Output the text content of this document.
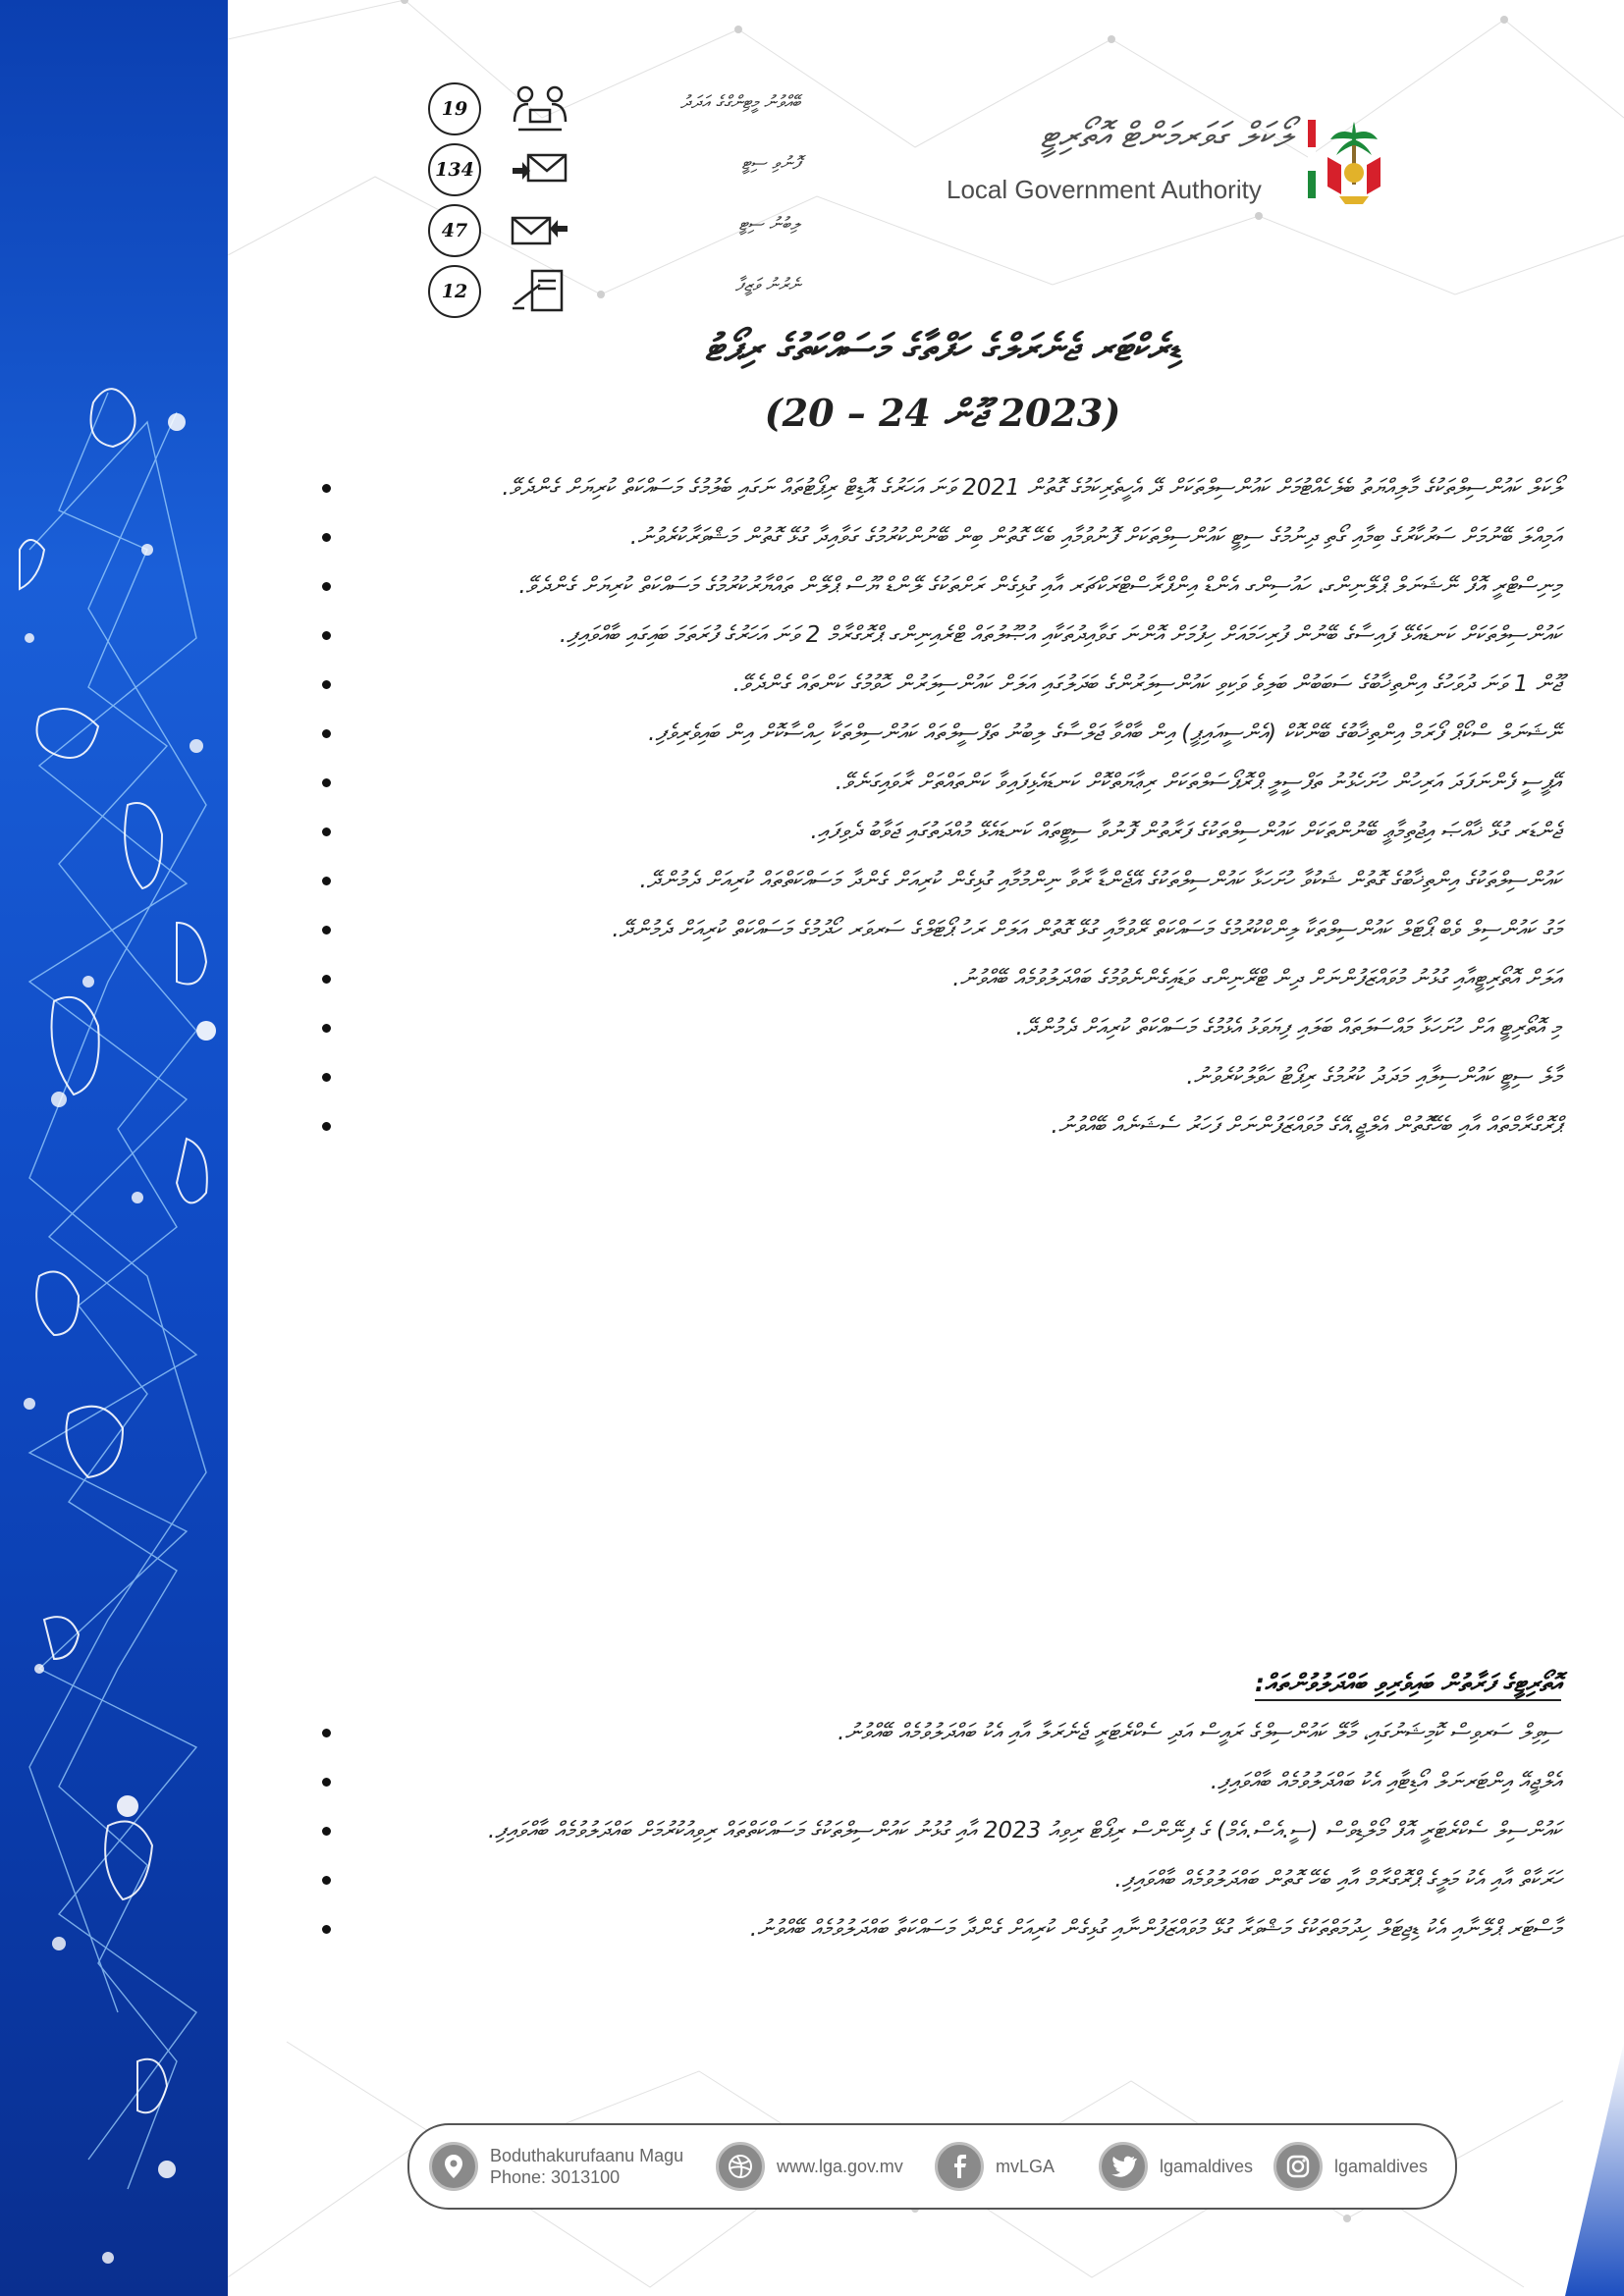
19	ބޭއްވުނު މީޓިންގްގެ އަދަދު
134	ފޮނުވި ސިޓީ
47	ލިބުނު ސިޓީ
12	ނެރުނު ވަޒީފާ
ލޯކަލް ގަވަރމަންޓް އޮތޯރިޓީ
Local Government Authority
ޑިރެކްޓަރ ޖެނެރަލްގެ ހަފްތާގެ މަސައްކަތުގެ ރިޕޯޓު
(2023 ޖޫން 24 – 20)
ލޯކަލް ކައުންސިލްތަކުގެ މާލިއްޔަތު ބެލެހެއްޓުމަށް ކައުންސިލްތަކަށް ދޭ އެހީތެރިކަމުގެ ގޮތުން 2021 ވަނަ އަހަރުގެ އޮޑިޓް ރިޕޯޓުތައް ނަގައި ބެލުމުގެ މަސައްކަތް ކުރިޔަށް ގެންދެވޭ.
އަމިއްލަ ބޭނުމަށް ސަރުކާރުގެ ބިމާއި ގޯތި ދިނުމުގެ ސިޓީ ކައުންސިލްތަކަށް ފޮނުވުމާއި ބެހޭ ގޮތުން ބިން ބޭނުންކުރުމުގެ ގަވާއިދާ ގުޅޭ ގޮތުން މަޝްވަރާކުރެވުނު.
މިނިސްޓްރީ އޮފް ނޭޝަނަލް ޕްލޭނިންގ، ހައުސިންގ އެންޑް އިންފްރާސްޓްރަކްޗަރ އާއި ގުޅިގެން ރަށްތަކުގެ ލޭންޑް ޔޫސް ޕްލޭން ތައްޔާރުކުރުމުގެ މަސައްކަތް ކުރިޔަށް ގެންދެވޭ.
ކައުންސިލްތަކަށް ކަނޑައެޅޭ ފައިސާގެ ބޭނުން ފުރިހަމައަށް ހިފުމަށް އޮންނަ ގަވާއިދުތަކާއި އުޞޫލުތައް ޓްރެއިނިންގ ޕްރޮގްރާމް 2 ވަނަ އަހަރުގެ ފުރަތަމަ ބައިގައި ބާއްވައިފި.
ޖޫން 1 ވަނަ ދުވަހުގެ އިންތިޚާބުގެ ސަބަބުން ބަލިވެ ވަކިވި ކައުންސިލަރުންގެ ބަދަލުގައި އަލަށް ކައުންސިލަރުން ހޮވުމުގެ ކަންތައް ގެންދެވޭ.
ނޭޝަނަލް ސްކޯޕް ފޯރަމް އިންތިޚާބުގެ ބޭންކޮކް (އެންސީއައިޕީ) އިން ބާއްވާ ޖަލްސާގެ ލިބުނު ތަފްސީލްތައް ކައުންސިލްތަކާ ހިއްސާކޮށް އިން ބައިވެރިވެފި.
އޭޕީސީ ފެންނަފަދަ އަރިހުން ހުށަހެޅުނު ތަފްސީލީ ޕްރޮޕޯސަލްތަކަށް ރިޢާޔަތްކޮށް ކަނޑައެޅިފައިވާ ކަންތައްތަށް ރާވައިގަނެވޭ.
ޖެންޑަރ ގުޅޭ ޚާއްޞަ އިޖުތިމާޢީ ބޭނުންތަކަށް ކައުންސިލްތަކުގެ ފަރާތުން ފޮނުވާ ސިޓީތައް ކަނޑައެޅޭ މުއްދަތުގައި ޖަވާބު ދެވިފައި.
ކައުންސިލްތަކުގެ އިންތިޚާބުގެ ގޮތުން ޝަކުވާ ހުށަހަޅާ ކައުންސިލްތަކުގެ އޭޖެންޑާ ރާވާ ނިންމުމާއި ގުޅިގެން ކުރިއަށް ގެންދާ މަސައްކަތްތައް ކުރިއަށް ދެމުންދޭ.
މަގު ކައުންސިލް ވެބް ޕޯޓަލް ކައުންސިލްތަކާ ލިންކްކުރުމުގެ މަސައްކަތް ރޭވުމާއި ގުޅޭ ގޮތުން އަލަށް ރަހު ޕޯޓަލްގެ ސަރވަރ ހޯދުމުގެ މަސައްކަތް ކުރިއަށް ދެމުންދޭ.
އަލަށް އޮތޯރިޓީއާއި ގުޅުނު މުވައްޒަފުންނަށް ދިން ޓްރޭނިންގ ވަޑައިގެންނެވުމުގެ ބައްދަލުވުމެއް ބޭއްވުނު.
މި އޮތޯރިޓީ އަށް ހުށަހަޅާ މައްސަލަތައް ބަލައި ފިޔަވަޅު އެޅުމުގެ މަސައްކަތް ކުރިއަށް ދެމުންދޭ.
މާލެ ސިޓީ ކައުންސިލާއި މަދަދު ކުރުމުގެ ރިޕޯޓު ހަވާލުކުރެވުނު.
ޕްރޮގްރާމްތައް އާއި ބެހޭގޮތުން އެލްޖީ.އޭގެ މުވައްޒަފުންނަށް ފަހަރު ސެޝަނެއް ބޭއްވުނު.
އޮތޯރިޓީގެ ފަރާތުން ބައިވެރިވި ބައްދަލުވުންތައް:
ސިވިލް ސަރވިސް ކޮމިޝަނުގައި، މާލޭ ކައުންސިލްގެ ރައީސް އަދި ސެކްރެޓަރީ ޖެނެރަލާ އާއި އެކު ބައްދަލުވުމެއް ބޭއްވުނު.
އެލްޖީއޭ އިންޓަރނަލް އޯޑިޓާއި އެކު ބައްދަލުވުމެއް ބާއްވައިފި.
ކައުންސިލް ސެކްރެޓަރީ އޮފް މޯލްޑިވްސް (ސީ.އެސް.އެމް) ގެ ފިނޭންސް ރިޕޯޓް ރިވިއު 2023 އާއި ގުޅުނު ކައުންސިލްތަކުގެ މަސައްކަތްތައް ރިވިއުކުރުމަށް ބައްދަލުވުމެއް ބާއްވައިފި.
ހަރަކާތް އާއި އެކު މަލީގެ ޕްރޮގްރާމް އާއި ބެހޭ ގޮތުން ބައްދަލުވުމެއް ބާއްވައިފި.
މާސްޓަރ ޕްލޭނާއި އެކު ޑިޖިޓަލް ހިދުމަތްތަކުގެ މަޝްވަރާ ގުޅޭ މުވައްޒަފުންނާއި ގުޅިގެން ކުރިއަށް ގެންދާ މަސައްކަތާ ބައްދަލުވުމެއް ބޭއްވުނު.
Boduthakurufaanu Magu
Phone: 3013100
www.lga.gov.mv	mvLGA	lgamaldives	lgamaldives
